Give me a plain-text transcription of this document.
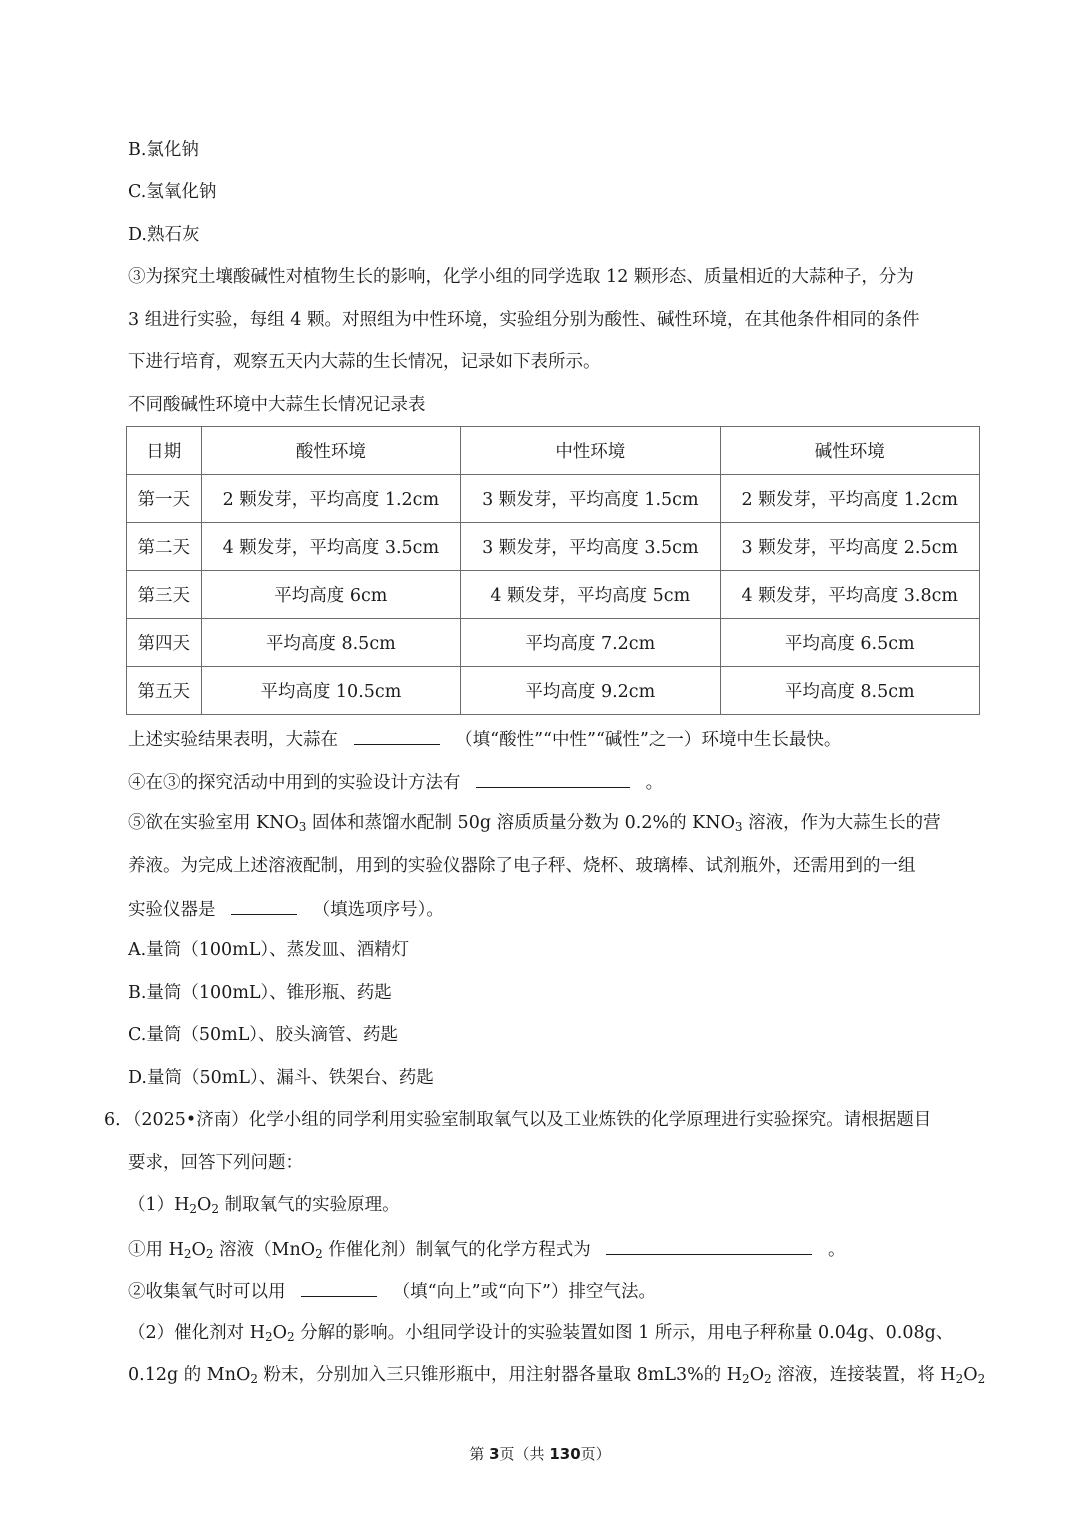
B.氯化钠
C.氢氧化钠
D.熟石灰
③为探究土壤酸碱性对植物生长的影响，化学小组的同学选取 12 颗形态、质量相近的大蒜种子，分为
3 组进行实验，每组 4 颗。对照组为中性环境，实验组分别为酸性、碱性环境，在其他条件相同的条件
下进行培育，观察五天内大蒜的生长情况，记录如下表所示。
不同酸碱性环境中大蒜生长情况记录表
日期	酸性环境	中性环境	碱性环境
第一天	2 颗发芽，平均高度 1.2cm	3 颗发芽，平均高度 1.5cm	2 颗发芽，平均高度 1.2cm
第二天	4 颗发芽，平均高度 3.5cm	3 颗发芽，平均高度 3.5cm	3 颗发芽，平均高度 2.5cm
第三天	平均高度 6cm	4 颗发芽，平均高度 5cm	4 颗发芽，平均高度 3.8cm
第四天	平均高度 8.5cm	平均高度 7.2cm	平均高度 6.5cm
第五天	平均高度 10.5cm	平均高度 9.2cm	平均高度 8.5cm
上述实验结果表明，大蒜在	（填“酸性”“中性”“碱性”之一）环境中生长最快。
④在③的探究活动中用到的实验设计方法有	。
⑤欲在实验室用 $KNO_3$ 固体和蒸馏水配制 50g 溶质质量分数为 0.2%的 $KNO_3$ 溶液，作为大蒜生长的营
养液。为完成上述溶液配制，用到的实验仪器除了电子秤、烧杯、玻璃棒、试剂瓶外，还需用到的一组
实验仪器是	（填选项序号）。
A.量筒（100mL）、蒸发皿、酒精灯
B.量筒（100mL）、锥形瓶、药匙
C.量筒（50mL）、胶头滴管、药匙
D.量筒（50mL）、漏斗、铁架台、药匙
6．（2025•济南）化学小组的同学利用实验室制取氧气以及工业炼铁的化学原理进行实验探究。请根据题目
要求，回答下列问题：
$(1)H_2O_2$ 制取氧气的实验原理。
①用 $H_2O_2$ 溶液（MnO$_2$ 作催化剂）制氧气的化学方程式为	。
②收集氧气时可以用	（填“向上”或“向下”）排空气法。
（2）催化剂对 $H_2O_2$ 分解的影响。小组同学设计的实验装置如图 1 所示，用电子秤称量 0.04g、0.08g、
0.12g 的 MnO$_2$ 粉末，分别加入三只锥形瓶中，用注射器各量取 8mL3%的 $H_2O_2$ 溶液，连接装置，将 $H_2O_2$
第 3页（共 130页）
